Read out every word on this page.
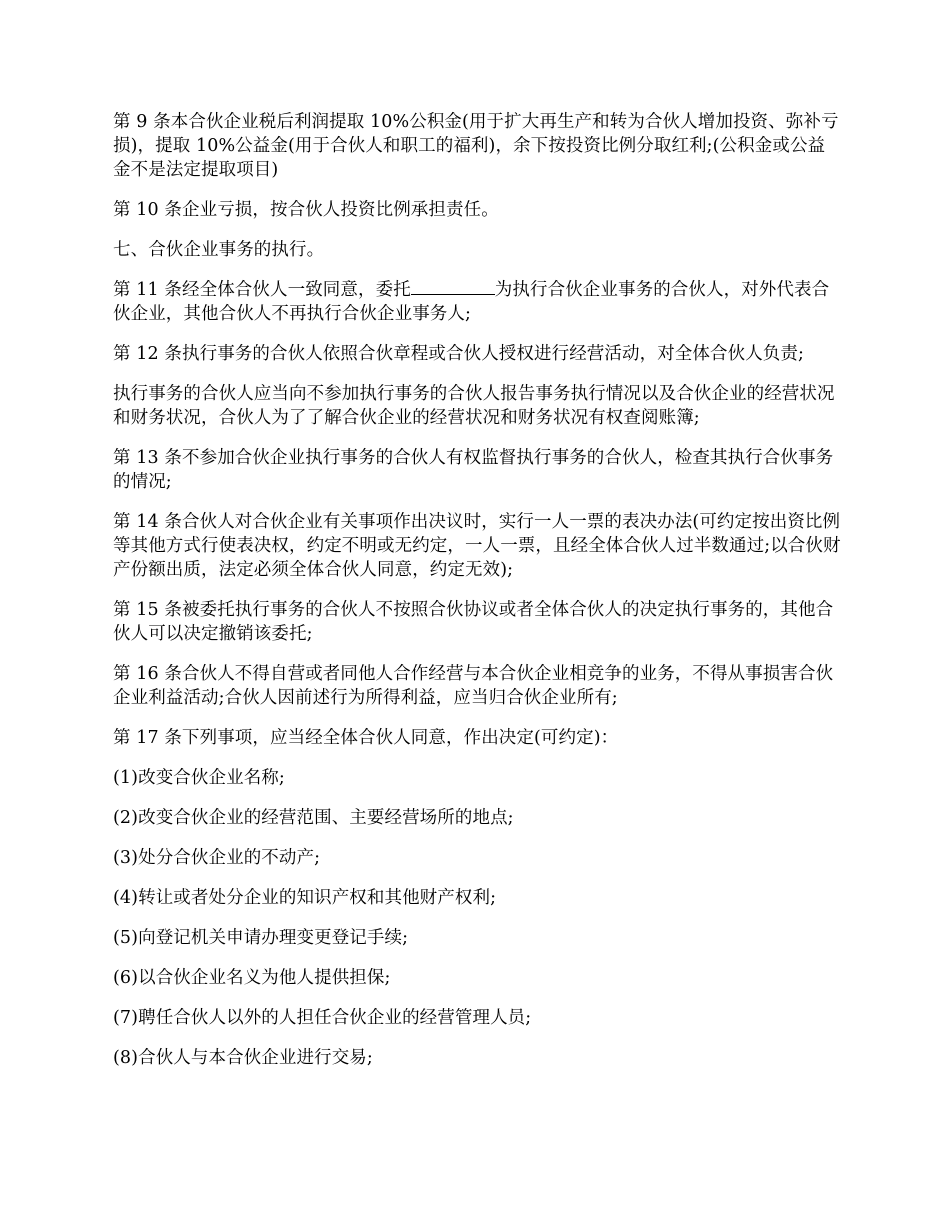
第 9 条本合伙企业税后利润提取 10%公积金(用于扩大再生产和转为合伙人增加投资、弥补亏损)，提取 10%公益金(用于合伙人和职工的福利)，余下按投资比例分取红利;(公积金或公益金不是法定提取项目)

第 10 条企业亏损，按合伙人投资比例承担责任。

七、合伙企业事务的执行。

第 11 条经全体合伙人一致同意，委托	为执行合伙企业事务的合伙人，对外代表合伙企业，其他合伙人不再执行合伙企业事务人;

第 12 条执行事务的合伙人依照合伙章程或合伙人授权进行经营活动，对全体合伙人负责;

执行事务的合伙人应当向不参加执行事务的合伙人报告事务执行情况以及合伙企业的经营状况和财务状况，合伙人为了了解合伙企业的经营状况和财务状况有权查阅账簿;

第 13 条不参加合伙企业执行事务的合伙人有权监督执行事务的合伙人，检查其执行合伙事务的情况;

第 14 条合伙人对合伙企业有关事项作出决议时，实行一人一票的表决办法(可约定按出资比例等其他方式行使表决权，约定不明或无约定，一人一票，且经全体合伙人过半数通过;以合伙财产份额出质，法定必须全体合伙人同意，约定无效);

第 15 条被委托执行事务的合伙人不按照合伙协议或者全体合伙人的决定执行事务的，其他合伙人可以决定撤销该委托;

第 16 条合伙人不得自营或者同他人合作经营与本合伙企业相竞争的业务，不得从事损害合伙企业利益活动;合伙人因前述行为所得利益，应当归合伙企业所有;

第 17 条下列事项，应当经全体合伙人同意，作出决定(可约定)：

(1)改变合伙企业名称;

(2)改变合伙企业的经营范围、主要经营场所的地点;

(3)处分合伙企业的不动产;

(4)转让或者处分企业的知识产权和其他财产权利;

(5)向登记机关申请办理变更登记手续;

(6)以合伙企业名义为他人提供担保;

(7)聘任合伙人以外的人担任合伙企业的经营管理人员;

(8)合伙人与本合伙企业进行交易;
